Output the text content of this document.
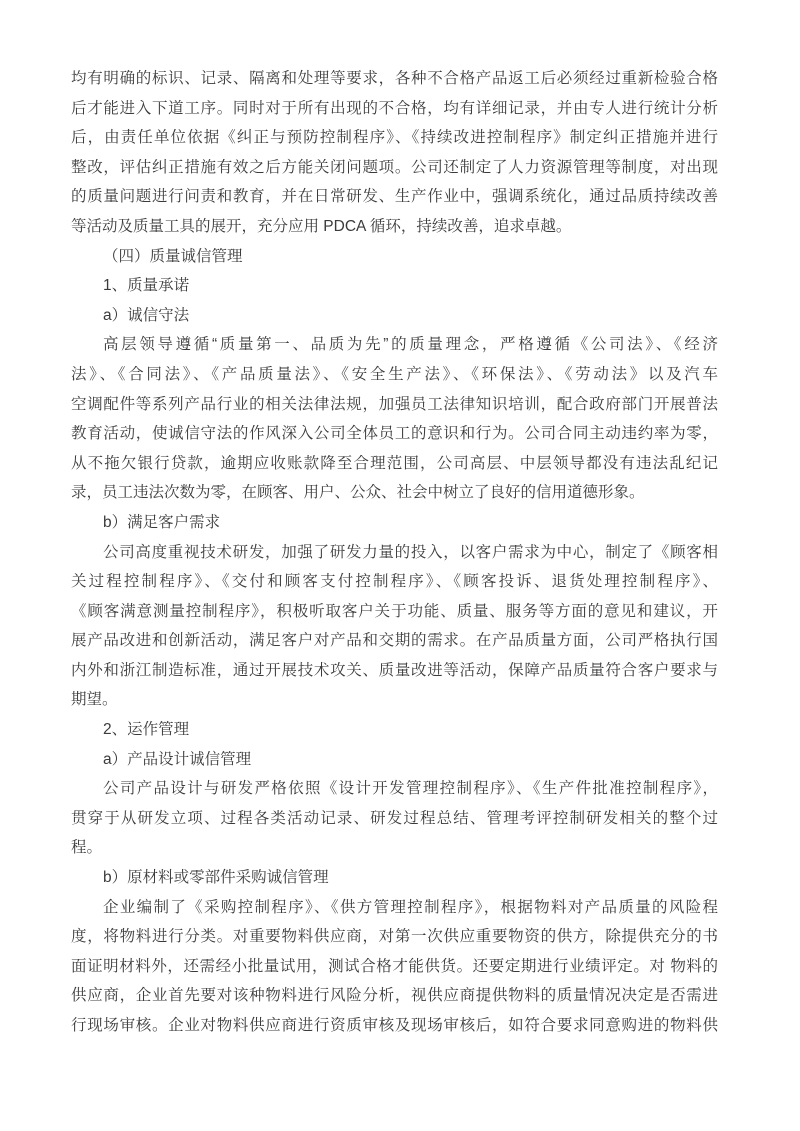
均有明确的标识、记录、隔离和处理等要求，各种不合格产品返工后必须经过重新检验合格
后才能进入下道工序。同时对于所有出现的不合格，均有详细记录，并由专人进行统计分析
后，由责任单位依据《纠正与预防控制程序》、《持续改进控制程序》制定纠正措施并进行
整改，评估纠正措施有效之后方能关闭问题项。公司还制定了人力资源管理等制度，对出现
的质量问题进行问责和教育，并在日常研发、生产作业中，强调系统化，通过品质持续改善
等活动及质量工具的展开，充分应用 PDCA 循环，持续改善，追求卓越。
（四）质量诚信管理
1、质量承诺
a）诚信守法
高层领导遵循“质量第一、品质为先”的质量理念，严格遵循《公司法》、《经济
法》、《合同法》、《产品质量法》、《安全生产法》、《环保法》、《劳动法》以及汽车
空调配件等系列产品行业的相关法律法规，加强员工法律知识培训，配合政府部门开展普法
教育活动，使诚信守法的作风深入公司全体员工的意识和行为。公司合同主动违约率为零，
从不拖欠银行贷款，逾期应收账款降至合理范围，公司高层、中层领导都没有违法乱纪记
录，员工违法次数为零，在顾客、用户、公众、社会中树立了良好的信用道德形象。
b）满足客户需求
公司高度重视技术研发，加强了研发力量的投入，以客户需求为中心，制定了《顾客相
关过程控制程序》、《交付和顾客支付控制程序》、《顾客投诉、退货处理控制程序》、
《顾客满意测量控制程序》，积极听取客户关于功能、质量、服务等方面的意见和建议，开
展产品改进和创新活动，满足客户对产品和交期的需求。在产品质量方面，公司严格执行国
内外和浙江制造标准，通过开展技术攻关、质量改进等活动，保障产品质量符合客户要求与
期望。
2、运作管理
a）产品设计诚信管理
公司产品设计与研发严格依照《设计开发管理控制程序》、《生产件批准控制程序》，
贯穿于从研发立项、过程各类活动记录、研发过程总结、管理考评控制研发相关的整个过
程。
b）原材料或零部件采购诚信管理
企业编制了《采购控制程序》、《供方管理控制程序》，根据物料对产品质量的风险程
度，将物料进行分类。对重要物料供应商，对第一次供应重要物资的供方，除提供充分的书
面证明材料外，还需经小批量试用，测试合格才能供货。还要定期进行业绩评定。对 物料的
供应商，企业首先要对该种物料进行风险分析，视供应商提供物料的质量情况决定是否需进
行现场审核。企业对物料供应商进行资质审核及现场审核后，如符合要求同意购进的物料供
